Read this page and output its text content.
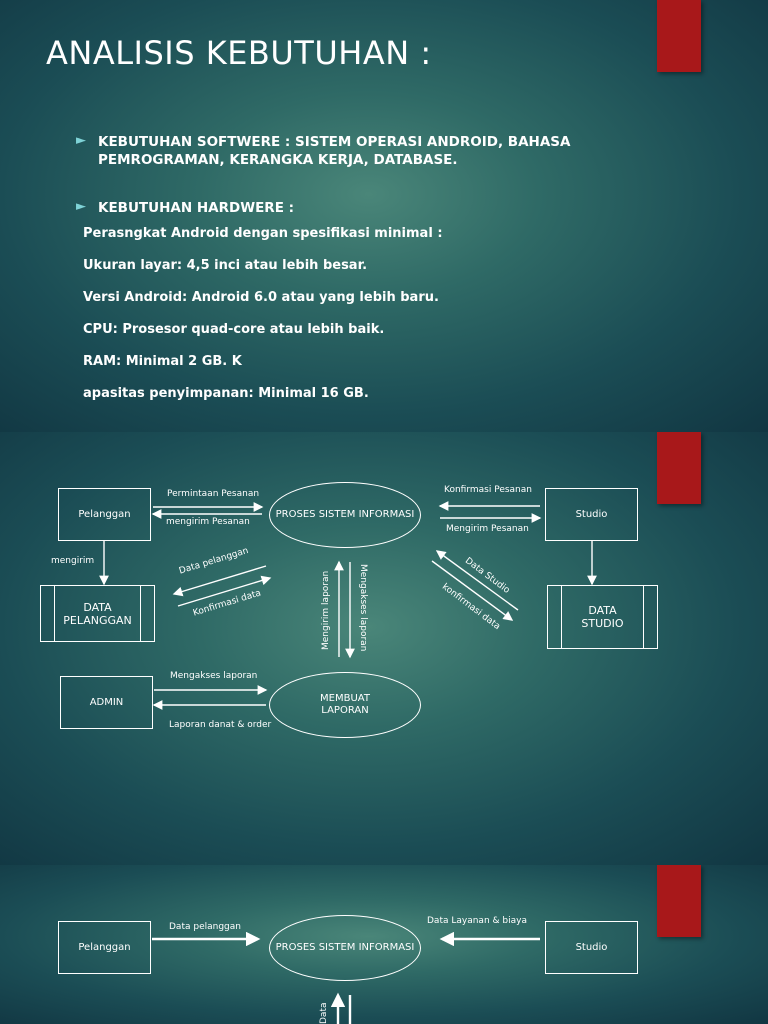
ANALISIS KEBUTUHAN :
► KEBUTUHAN SOFTWERE : SISTEM OPERASI ANDROID, BAHASA PEMROGRAMAN, KERANGKA KERJA, DATABASE.
► KEBUTUHAN HARDWERE :
Perasngkat Android dengan spesifikasi minimal :
Ukuran layar: 4,5 inci atau lebih besar.
Versi Android: Android 6.0 atau yang lebih baru.
CPU: Prosesor quad-core atau lebih baik.
RAM: Minimal 2 GB. K
apasitas penyimpanan: Minimal 16 GB.
Pelanggan	PROSES SISTEM INFORMASI	Studio
DATA PELANGGAN
DATA STUDIO
ADMIN	MEMBUAT LAPORAN
Permintaan Pesanan
mengirim Pesanan
Konfirmasi Pesanan
Mengirim Pesanan
mengirim	Data pelanggan
Konfirmasi data
Data Studio
konfirmasi data
Mengirim laporan	Mengakses laporan
Mengakses laporan
Laporan danat & order
Pelanggan	PROSES SISTEM INFORMASI	Studio
Data pelanggan
Data Layanan & biaya
Data
